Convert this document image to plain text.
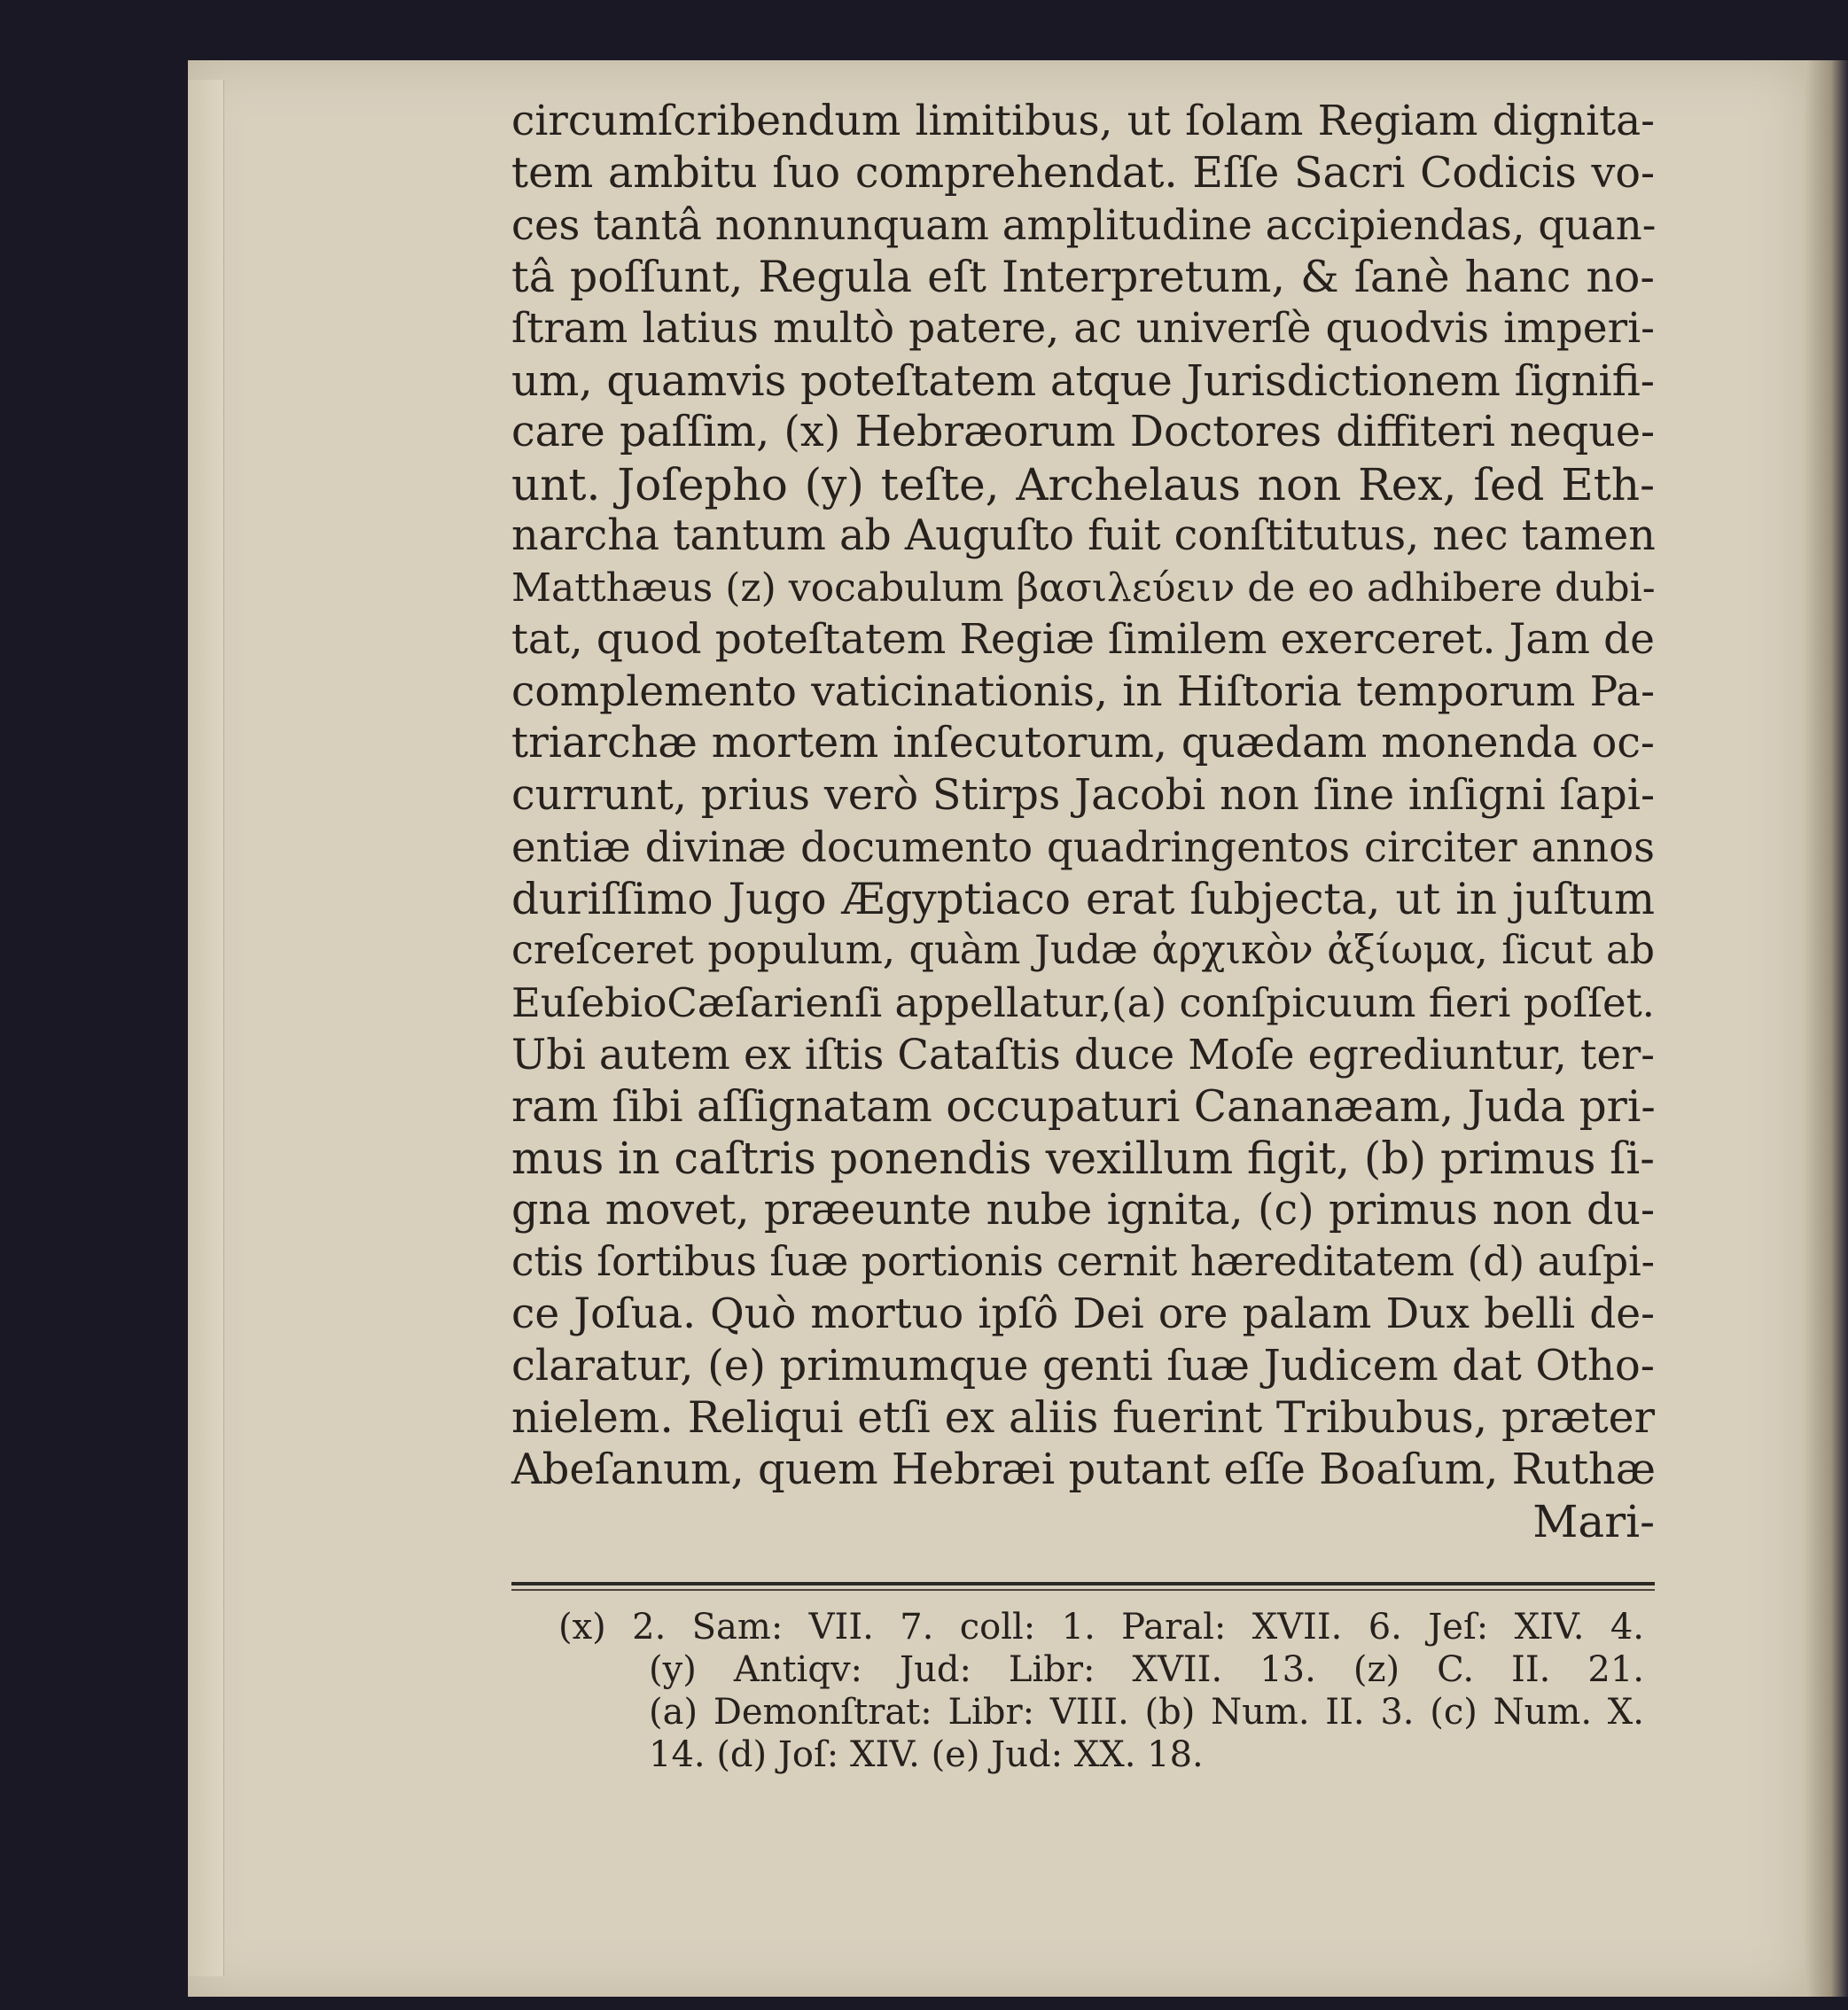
circumſcribendum limitibus, ut ſolam Regiam dignita-
tem ambitu ſuo comprehendat. Eſſe Sacri Codicis vo-
ces tantâ nonnunquam amplitudine accipiendas, quan-
tâ poſſunt, Regula eſt Interpretum, & ſanè hanc no-
ſtram latius multò patere, ac univerſè quodvis imperi-
um, quamvis poteſtatem atque Jurisdictionem ſignifi-
care paſſim, (x) Hebræorum Doctores diffiteri neque-
unt. Joſepho (y) teſte, Archelaus non Rex, ſed Eth-
narcha tantum ab Auguſto fuit conſtitutus, nec tamen
Matthæus (z) vocabulum βασιλεύειν de eo adhibere dubi-
tat, quod poteſtatem Regiæ ſimilem exerceret. Jam de
complemento vaticinationis, in Hiſtoria temporum Pa-
triarchæ mortem inſecutorum, quædam monenda oc-
currunt, prius verò Stirps Jacobi non ſine inſigni ſapi-
entiæ divinæ documento quadringentos circiter annos
duriſſimo Jugo Ægyptiaco erat ſubjecta, ut in juſtum
creſceret populum, quàm Judæ ἀρχικὸν ἀξίωμα, ſicut ab
EuſebioCæſarienſi appellatur,(a) conſpicuum fieri poſſet.
Ubi autem ex iſtis Cataſtis duce Moſe egrediuntur, ter-
ram ſibi aſſignatam occupaturi Cananæam, Juda pri-
mus in caſtris ponendis vexillum figit, (b) primus ſi-
gna movet, præeunte nube ignita, (c) primus non du-
ctis ſortibus ſuæ portionis cernit hæreditatem (d) auſpi-
ce Joſua. Quò mortuo ipſô Dei ore palam Dux belli de-
claratur, (e) primumque genti ſuæ Judicem dat Otho-
nielem. Reliqui etſi ex aliis fuerint Tribubus, præter
Abeſanum, quem Hebræi putant eſſe Boaſum, Ruthæ
Mari-
(x) 2. Sam: VII. 7. coll: 1. Paral: XVII. 6. Jeſ: XIV. 4.
(y) Antiqv: Jud: Libr: XVII. 13. (z) C. II. 21.
(a) Demonſtrat: Libr: VIII. (b) Num. II. 3. (c) Num. X.
14. (d) Joſ: XIV. (e) Jud: XX. 18.
